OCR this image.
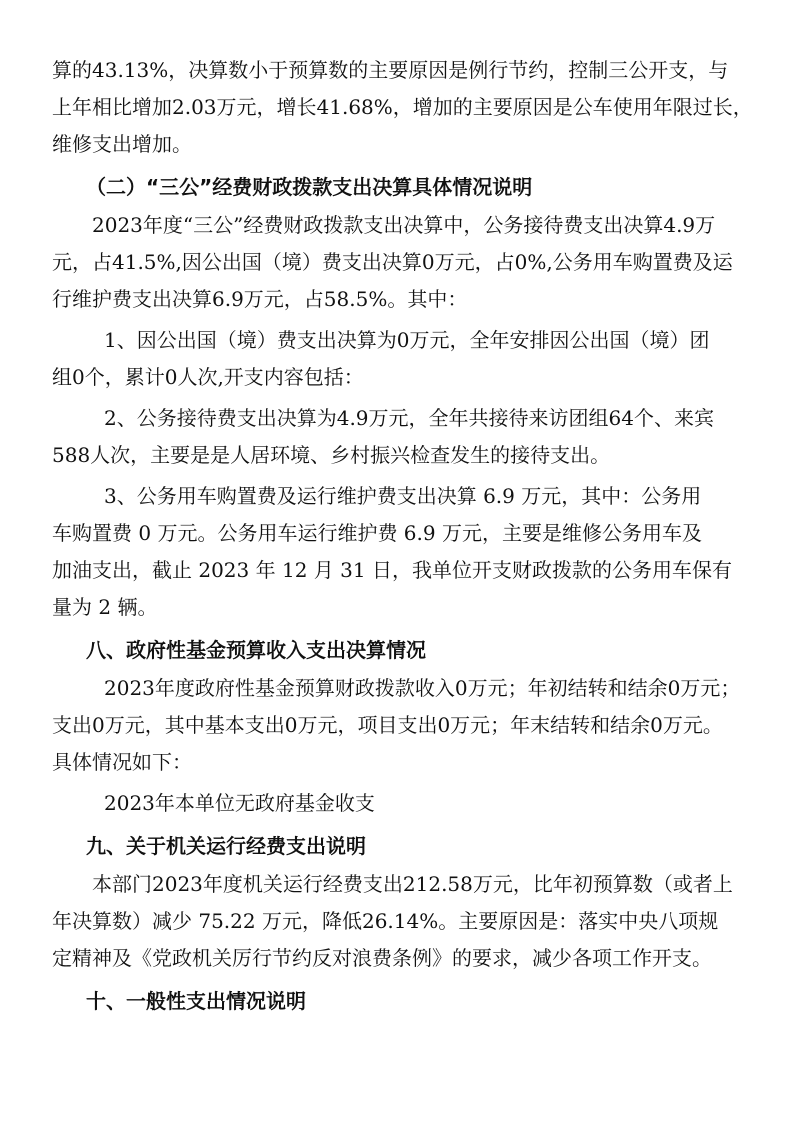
算的43.13%，决算数小于预算数的主要原因是例行节约，控制三公开支，与
上年相比增加2.03万元，增长41.68%，增加的主要原因是公车使用年限过长，
维修支出增加。
（二）“三公”经费财政拨款支出决算具体情况说明
2023年度“三公”经费财政拨款支出决算中，公务接待费支出决算4.9万
元，占41.5%,因公出国（境）费支出决算0万元，占0%,公务用车购置费及运
行维护费支出决算6.9万元，占58.5%。其中：
1、因公出国（境）费支出决算为0万元，全年安排因公出国（境）团
组0个，累计0人次,开支内容包括：
2、公务接待费支出决算为4.9万元，全年共接待来访团组64个、来宾
588人次，主要是是人居环境、乡村振兴检查发生的接待支出。
3、公务用车购置费及运行维护费支出决算 6.9 万元，其中：公务用
车购置费 0 万元。公务用车运行维护费 6.9 万元，主要是维修公务用车及
加油支出，截止 2023 年 12 月 31 日，我单位开支财政拨款的公务用车保有
量为 2 辆。
八、政府性基金预算收入支出决算情况
2023年度政府性基金预算财政拨款收入0万元；年初结转和结余0万元；
支出0万元，其中基本支出0万元，项目支出0万元；年末结转和结余0万元。
具体情况如下：
2023年本单位无政府基金收支
九、关于机关运行经费支出说明
本部门2023年度机关运行经费支出212.58万元，比年初预算数（或者上
年决算数）减少 75.22 万元，降低26.14%。主要原因是：落实中央八项规
定精神及《党政机关厉行节约反对浪费条例》的要求，减少各项工作开支。
十、一般性支出情况说明
